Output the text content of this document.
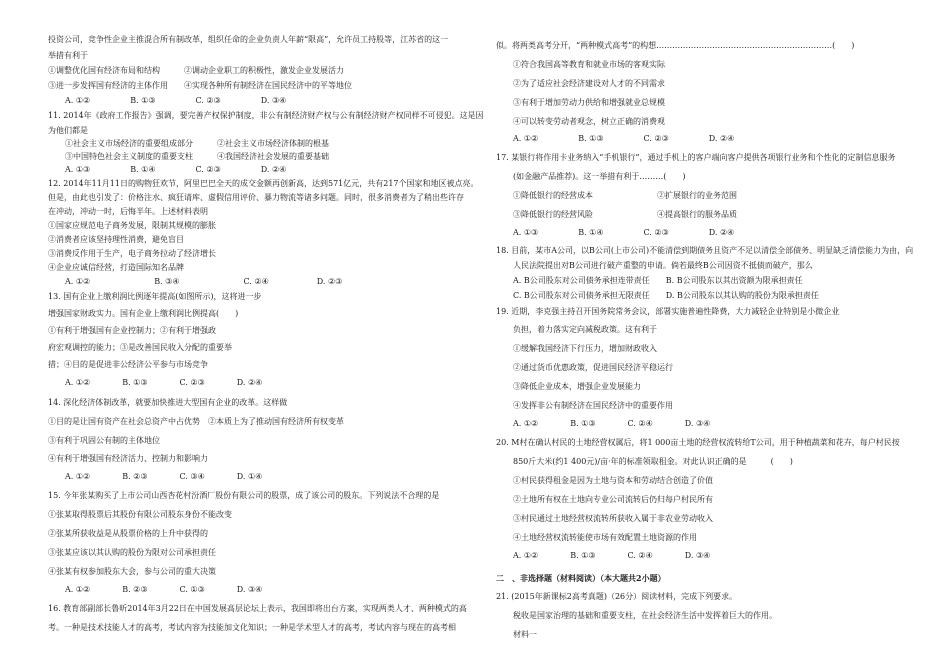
投资公司，竞争性企业主推混合所有制改革，组织任命的企业负责人年薪“限高”，允许员工持股等，江苏省的这一
举措有利于
①调整优化国有经济布局和结构　　　②调动企业职工的积极性，激发企业发展活力
③进一步发挥国有经济的主体作用　　④实现各种所有制经济在国民经济中的平等地位
A. ①②　　　　　B. ①③　　　　　C. ②③　　　　　D. ③④
11. 2014年《政府工作报告》强调，要完善产权保护制度，非公有制经济财产权与公有制经济财产权同样不可侵犯。这是因
为他们都是
①社会主义市场经济的重要组成部分　　　②社会主义市场经济体制的根基
③中国特色社会主义制度的重要支柱　　　④我国经济社会发展的重要基础
A. ①③　　　　　B. ①④　　　　　C. ②③　　　　　D. ②④
12. 2014年11月11日的购物狂欢节，阿里巴巴全天的成交金额再创新高，达到571亿元，共有217个国家和地区被点亮。
但是，由此也引发了：价格注水、疯狂请库、虚假信用评价、暴力物流等诸多问题。同时，很多消费者为了稍出些许存
在冲动，冲动一时，后悔半年。上述材料表明
①国家应规范电子商务发展，限制其规模的膨胀
②消费者应该坚持理性消费，避免盲目
③消费反作用于生产，电子商务拉动了经济增长
④企业应诚信经营，打造国际知名品牌
A. ①②　　　　　　　　B. ③④　　　　　　　　C. ②④　　　　　　D. ②③
13. 国有企业上缴利润比例逐年提高(如图所示)，这将进一步
增强国家财政实力。国有企业上缴利润比例提高(　　)
①有利于增强国有企业控制力；②有利于增强政
府宏观调控的能力；③是改善国民收入分配的重要举
措；④目的是促进非公经济公平参与市场竞争
A. ①②　　　　B. ①③　　　　C. ②③　　　　D. ②④
14. 深化经济体制改革，就要加快推进大型国有企业的改革。这样做
①目的是让国有资产在社会总资产中占优势　②本质上为了推动国有经济所有权变革
③有利于巩固公有制的主体地位
④有利于增强国有经济活力、控制力和影响力
A. ①②　　　　B. ②③　　　　C. ③④　　　　D. ①④
15. 今年张某购买了上市公司山西杏花村汾酒厂股份有限公司的股票，成了该公司的股东。下列说法不合理的是
①张某取得股票后其股份有限公司股东身份不能改变
②张某所获收益是从股票价格的上升中获得的
③张某应该以其认购的股份为限对公司承担责任
④张某有权参加股东大会，参与公司的重大决策
A. ①②　　　　B. ②③　　　　C. ①③　　　　D. ③④
16. 教育部副部长鲁昕2014年3月22日在中国发展高层论坛上表示，我国即将出台方案，实现两类人才、两种模式的高
考。一种是技术技能人才的高考，考试内容为技能加文化知识；一种是学术型人才的高考，考试内容与现在的高考相
似。将两类高考分开，“两种模式高考”的构想…………………………………………………………(　　)
①符合我国高等教育和就业市场的客观实际
②为了适应社会经济建设对人才的不同需求
③有利于增加劳动力供给和增强就业总规模
④可以转变劳动者观念，树立正确的消费观
A. ①②　　　　　B. ①③　　　　　C. ②③　　　　　D. ②④
17. 某银行将作用卡业务纳入“手机银行”，通过手机上的客户端向客户提供各项银行业务和个性化的定制信息服务
(如金融产品推荐)。这一举措有利于………(　　)
①降低银行的经营成本　　　　　　　　②扩展银行的业务范围
③降低银行的经营风险　　　　　　　　④提高银行的服务品质
A. ①③　　　　　B. ①④　　　　　C. ②③　　　　　D. ②④
18. 目前，某市A公司，以B公司(上市公司)不能清偿到期债务且资产不足以清偿全部债务、明显缺乏清偿能力为由，向
人民法院提出对B公司进行破产重整的申请。倘若最终B公司因资不抵债而破产，那么
A. B公司股东对公司债务承担连带责任　　B. B公司股东以其出资额为限承担责任
C. B公司股东对公司债务承担无限责任　　D. B公司股东以其认购的股份为限承担责任
19. 近期，李克强主持召开国务院常务会议，部署实施普遍性降费，大力减轻企业特别是小微企业
负担，着力落实定向减税政策。这有利于
①缓解我国经济下行压力，增加财政收入
②通过货币优惠政策，促进国民经济平稳运行
③降低企业成本，增强企业发展能力
④发挥非公有制经济在国民经济中的重要作用
A. ①②　　　　B. ①③　　　　C. ②④　　　　D. ③④
20. M村在确认村民的土地经营权属后，将1 000亩土地的经营权流转给T公司，用于种植蔬菜和花卉，每户村民按
850斤大米(约1 400元)/亩·年的标准领取租金。对此认识正确的是　　　(　　)
①村民获得租金是因为土地与资本和劳动结合创造了价值
②土地所有权在土地向专业公司流转后仍归每户村民所有
③村民通过土地经营权流转所获收入属于非农业劳动收入
④土地经营权流转能使市场有效配置土地资源的作用
A. ①②　　　　B. ①③　　　　C. ②④　　　　D. ③④
二　、非选择题（材料阅读）（本大题共2小题）
21. (2015年新课标2高考真题)（26分）阅读材料，完成下列要求。
税收是国家治理的基础和重要支柱，在社会经济生活中发挥着巨大的作用。
材料一
